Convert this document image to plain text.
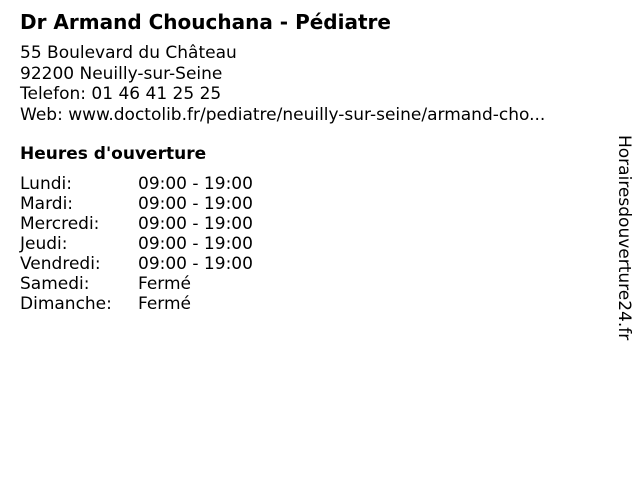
Dr Armand Chouchana - Pédiatre
55 Boulevard du Château
92200 Neuilly-sur-Seine
Telefon: 01 46 41 25 25
Web: www.doctolib.fr/pediatre/neuilly-sur-seine/armand-cho...
Heures d'ouverture
Lundi:	09:00 - 19:00
Mardi:	09:00 - 19:00
Mercredi: 09:00 - 19:00
Jeudi:	09:00 - 19:00
Vendredi: 09:00 - 19:00
Samedi:	Fermé
Dimanche: Fermé	Horairesdouverture24.fr
